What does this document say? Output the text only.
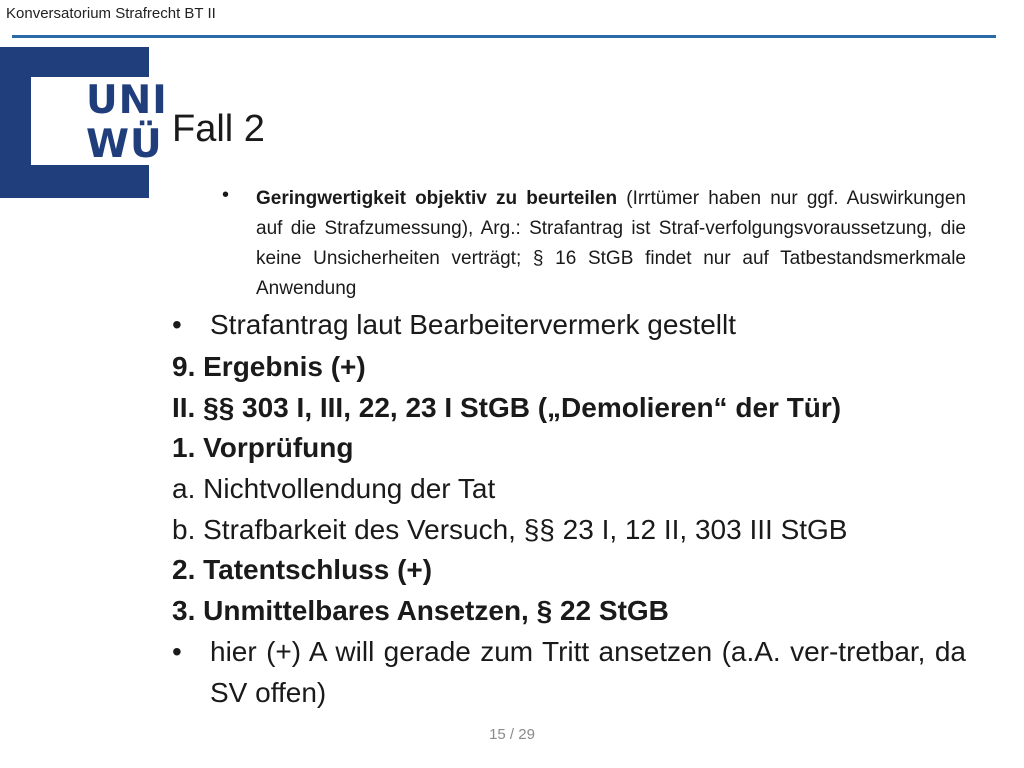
Konversatorium Strafrecht BT II
UNI
WÜ Fall 2
• Geringwertigkeit objektiv zu beurteilen (Irrtümer haben nur ggf. Auswirkungen auf die Strafzumessung), Arg.: Strafantrag ist Straf-verfolgungsvoraussetzung, die keine Unsicherheiten verträgt; § 16 StGB findet nur auf Tatbestandsmerkmale Anwendung
• Strafantrag laut Bearbeitervermerk gestellt
9. Ergebnis (+)
II. §§ 303 I, III, 22, 23 I StGB („Demolieren“ der Tür)
1. Vorprüfung
a. Nichtvollendung der Tat
b. Strafbarkeit des Versuch, §§ 23 I, 12 II, 303 III StGB
2. Tatentschluss (+)
3. Unmittelbares Ansetzen, § 22 StGB
• hier (+) A will gerade zum Tritt ansetzen (a.A. ver-tretbar, da SV offen)
15 / 29
